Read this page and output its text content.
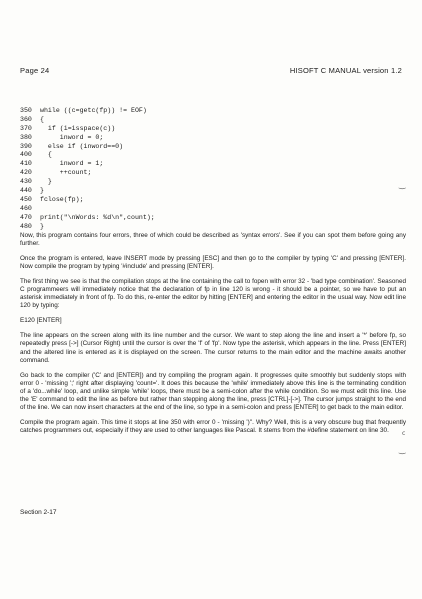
Page 24	HISOFT C MANUAL version 1.2
350 while ((c=getc(fp)) != EOF)
360 {
370  if (i=isspace(c))
380     inword = 0;
390  else if (inword==0)
400  {
410     inword = 1;
420     ++count;
430  }
440 }
450 fclose(fp);
460
470 print("\nWords: %d\n",count);
480 }

Now, this program contains four errors, three of which could be described as 'syntax errors'. See if you can spot them before going any further.

Once the program is entered, leave INSERT mode by pressing [ESC] and then go to the compiler by typing 'C' and pressing [ENTER]. Now compile the program by typing '#include' and pressing [ENTER].

The first thing we see is that the compilation stops at the line containing the call to fopen with error 32 - 'bad type combination'. Seasoned C programmeers will immediately notice that the declaration of fp in line 120 is wrong - it should be a pointer, so we have to put an asterisk immediately in front of fp. To do this, re-enter the editor by hitting [ENTER] and entering the editor in the usual way. Now edit line 120 by typing:

E120 [ENTER]

The line appears on the screen along with its line number and the cursor. We want to step along the line and insert a '*' before fp, so repeatedly press [->] (Cursor Right) until the cursor is over the 'f' of 'fp'. Now type the asterisk, which appears in the line. Press [ENTER] and the altered line is entered as it is displayed on the screen. The cursor returns to the main editor and the machine awaits another command.

Go back to the compiler ('C' and [ENTER]) and try compiling the program again. It progresses quite smoothly but suddenly stops with error 0 - 'missing ';' right after displaying 'count='. It does this because the 'while' immediately above this line is the terminating condition of a 'do...while' loop, and unlike simple 'while' loops, there must be a semi-colon after the while condition. So we must edit this line. Use the 'E' command to edit the line as before but rather than stepping along the line, press [CTRL]-[->]. The cursor jumps straight to the end of the line. We can now insert characters at the end of the line, so type in a semi-colon and press [ENTER] to get back to the main editor.

Compile the program again. This time it stops at line 350 with error 0 - 'missing ')''. Why? Well, this is a very obscure bug that frequently catches programmers out, especially if they are used to other languages like Pascal. It stems from the #define statement on line 30.

Section 2-17
‿
c
‿
